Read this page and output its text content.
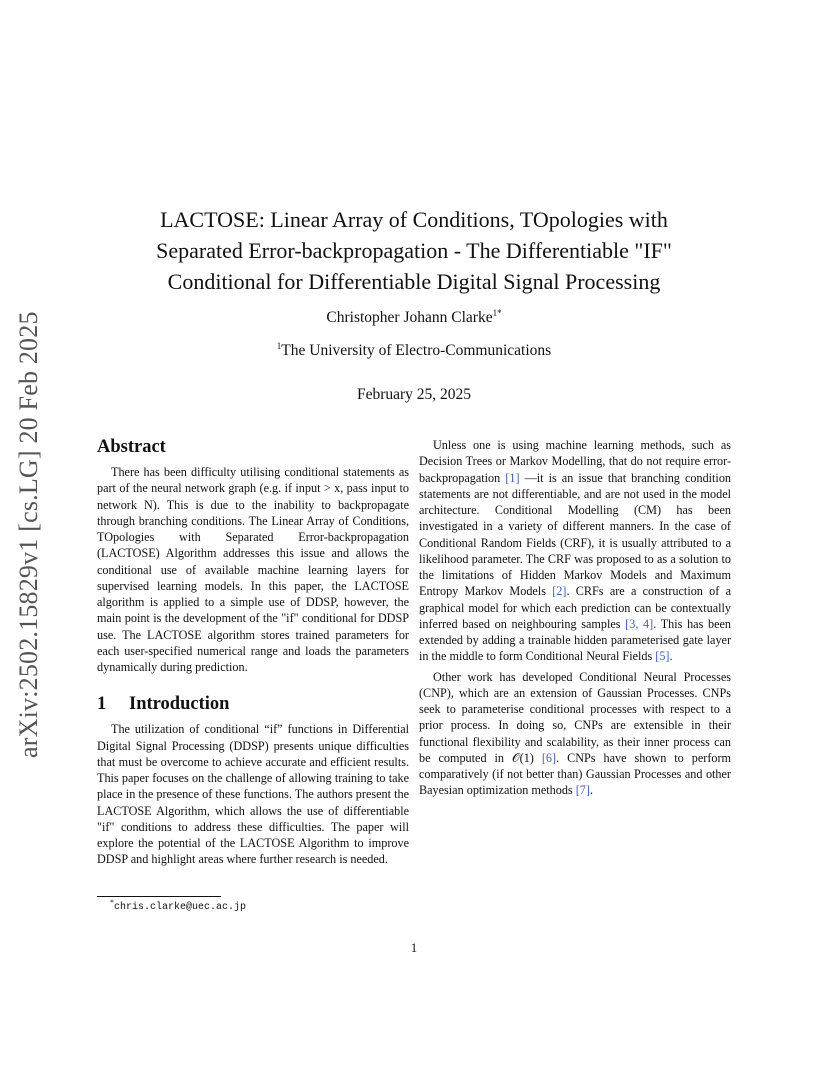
arXiv:2502.15829v1 [cs.LG] 20 Feb 2025
LACTOSE: Linear Array of Conditions, TOpologies with
Separated Error-backpropagation - The Differentiable "IF"
Conditional for Differentiable Digital Signal Processing
Christopher Johann Clarke$^{1*}$
$^1$The University of Electro-Communications
February 25, 2025
Abstract

There has been difficulty utilising conditional statements as part of the neural network graph (e.g. if input > x, pass input to network N). This is due to the inability to backpropagate through branching conditions. The Linear Array of Conditions, TOpologies with Separated Error-backpropagation (LACTOSE) Algorithm addresses this issue and allows the conditional use of available machine learning layers for supervised learning models. In this paper, the LACTOSE algorithm is applied to a simple use of DDSP, however, the main point is the development of the "if" conditional for DDSP use. The LACTOSE algorithm stores trained parameters for each user-specified numerical range and loads the parameters dynamically during prediction.

1 Introduction

The utilization of conditional “if” functions in Differential Digital Signal Processing (DDSP) presents unique difficulties that must be overcome to achieve accurate and efficient results. This paper focuses on the challenge of allowing training to take place in the presence of these functions. The authors present the LACTOSE Algorithm, which allows the use of differentiable "if" conditions to address these difficulties. The paper will explore the potential of the LACTOSE Algorithm to improve DDSP and highlight areas where further research is needed.

Unless one is using machine learning methods, such as Decision Trees or Markov Modelling, that do not require error-backpropagation [1] —it is an issue that branching condition statements are not differentiable, and are not used in the model architecture. Conditional Modelling (CM) has been investigated in a variety of different manners. In the case of Conditional Random Fields (CRF), it is usually attributed to a likelihood parameter. The CRF was proposed to as a solution to the limitations of Hidden Markov Models and Maximum Entropy Markov Models [2]. CRFs are a construction of a graphical model for which each prediction can be contextually inferred based on neighbouring samples [3, 4]. This has been extended by adding a trainable hidden parameterised gate layer in the middle to form Conditional Neural Fields [5].

Other work has developed Conditional Neural Processes (CNP), which are an extension of Gaussian Processes. CNPs seek to parameterise conditional processes with respect to a prior process. In doing so, CNPs are extensible in their functional flexibility and scalability, as their inner process can be computed in 𝒪(1) [6]. CNPs have shown to perform comparatively (if not better than) Gaussian Processes and other Bayesian optimization methods [7].

*chris.clarke@uec.ac.jp
1
